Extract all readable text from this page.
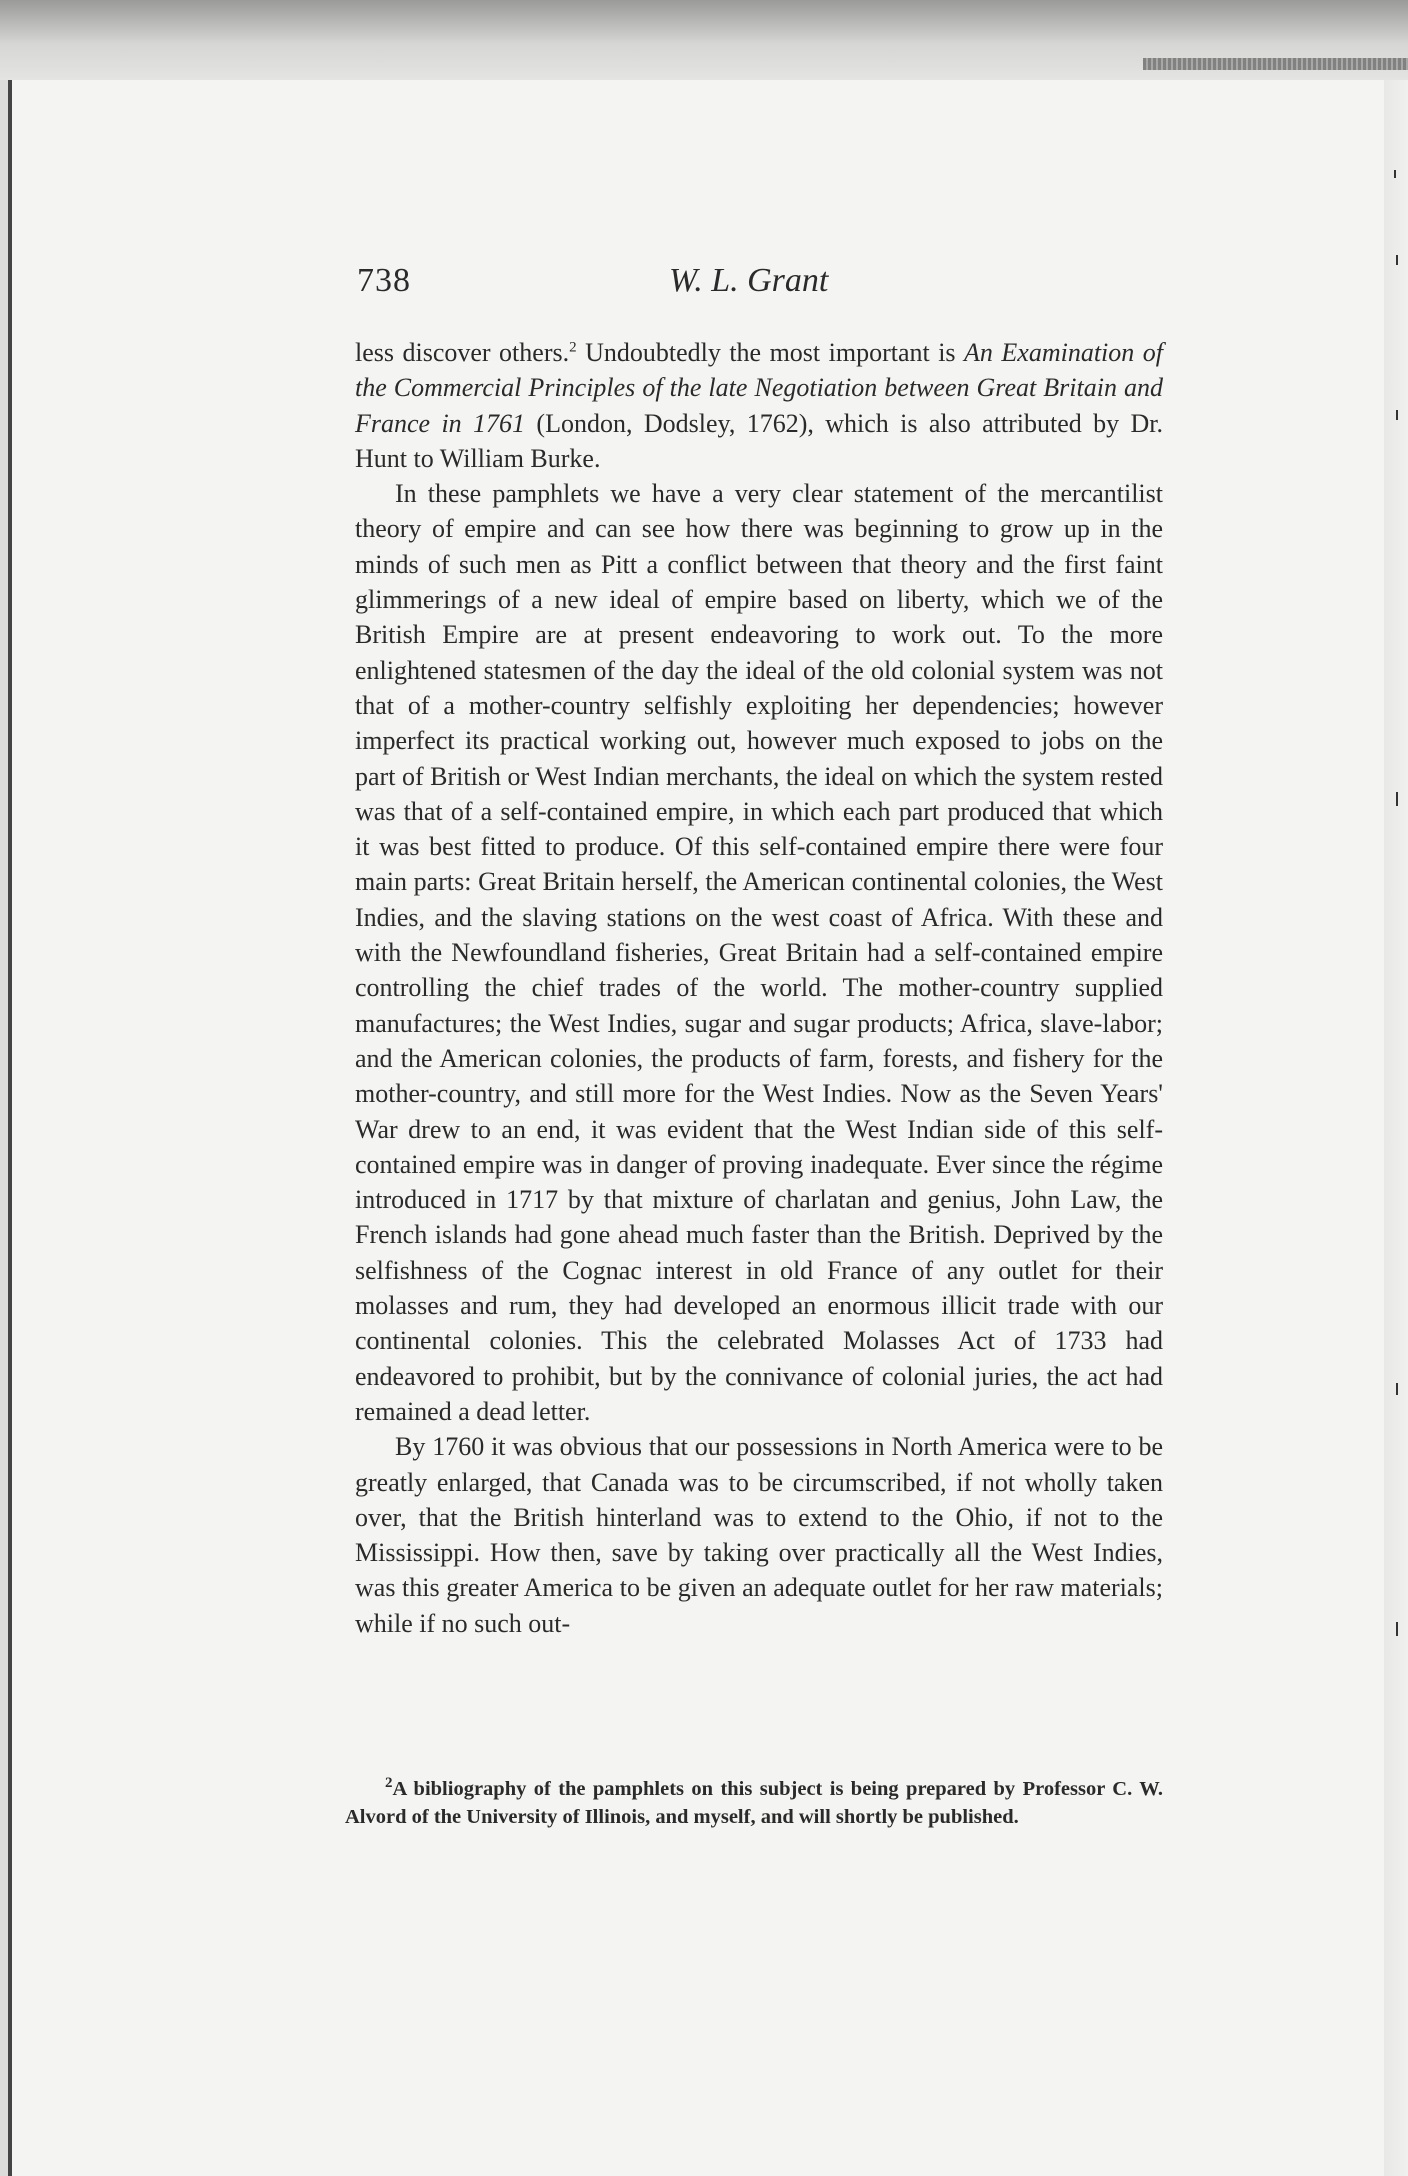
738	W. L. Grant

less discover others.$^2$ Undoubtedly the most important is An Examination of the Commercial Principles of the late Negotiation between Great Britain and France in 1761 (London, Dodsley, 1762), which is also attributed by Dr. Hunt to William Burke.

In these pamphlets we have a very clear statement of the mercantilist theory of empire and can see how there was beginning to grow up in the minds of such men as Pitt a conflict between that theory and the first faint glimmerings of a new ideal of empire based on liberty, which we of the British Empire are at present endeavoring to work out. To the more enlightened statesmen of the day the ideal of the old colonial system was not that of a mother-country selfishly exploiting her dependencies; however imperfect its practical working out, however much exposed to jobs on the part of British or West Indian merchants, the ideal on which the system rested was that of a self-contained empire, in which each part produced that which it was best fitted to produce. Of this self-contained empire there were four main parts: Great Britain herself, the American continental colonies, the West Indies, and the slaving stations on the west coast of Africa. With these and with the Newfoundland fisheries, Great Britain had a self-contained empire controlling the chief trades of the world. The mother-country supplied manufactures; the West Indies, sugar and sugar products; Africa, slave-labor; and the American colonies, the products of farm, forests, and fishery for the mother-country, and still more for the West Indies. Now as the Seven Years' War drew to an end, it was evident that the West Indian side of this self-contained empire was in danger of proving inadequate. Ever since the régime introduced in 1717 by that mixture of charlatan and genius, John Law, the French islands had gone ahead much faster than the British. Deprived by the selfishness of the Cognac interest in old France of any outlet for their molasses and rum, they had developed an enormous illicit trade with our continental colonies. This the celebrated Molasses Act of 1733 had endeavored to prohibit, but by the connivance of colonial juries, the act had remained a dead letter.

By 1760 it was obvious that our possessions in North America were to be greatly enlarged, that Canada was to be circumscribed, if not wholly taken over, that the British hinterland was to extend to the Ohio, if not to the Mississippi. How then, save by taking over practically all the West Indies, was this greater America to be given an adequate outlet for her raw materials; while if no such out-

$^2$A bibliography of the pamphlets on this subject is being prepared by Professor C. W. Alvord of the University of Illinois, and myself, and will shortly be published.
